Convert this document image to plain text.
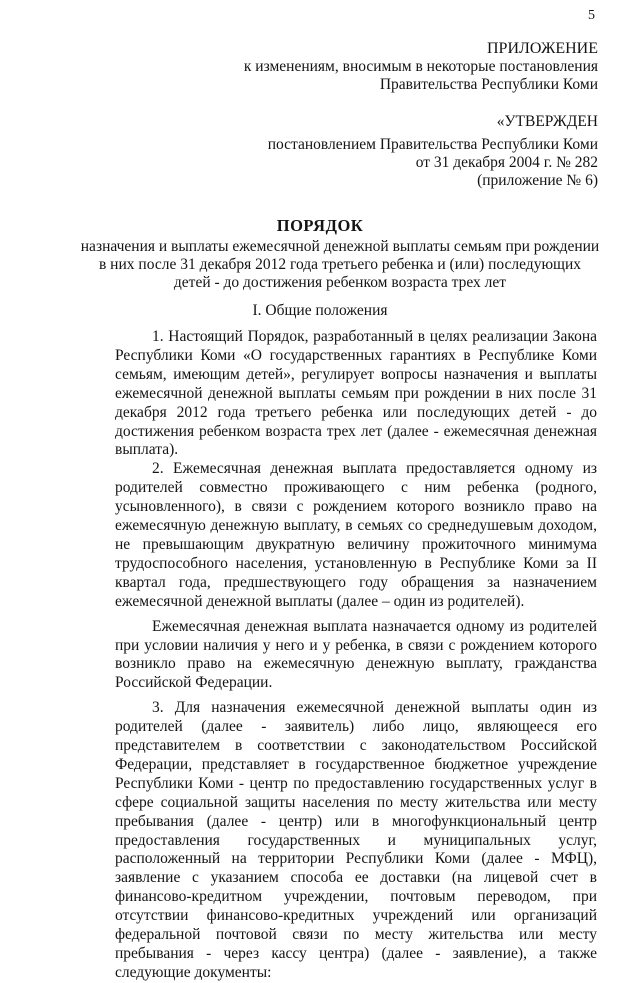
5
ПРИЛОЖЕНИЕ
к изменениям, вносимым в некоторые постановления
Правительства Республики Коми
«УТВЕРЖДЕН
постановлением Правительства Республики Коми
от 31 декабря 2004 г. № 282
(приложение № 6)
ПОРЯДОК
назначения и выплаты ежемесячной денежной выплаты семьям при рождении
в них после 31 декабря 2012 года третьего ребенка и (или) последующих
детей - до достижения ребенком возраста трех лет
I. Общие положения

1. Настоящий Порядок, разработанный в целях реализации Закона Республики Коми «О государственных гарантиях в Республике Коми семьям, имеющим детей», регулирует вопросы назначения и выплаты ежемесячной денежной выплаты семьям при рождении в них после 31 декабря 2012 года третьего ребенка или последующих детей - до достижения ребенком возраста трех лет (далее - ежемесячная денежная выплата).

2. Ежемесячная денежная выплата предоставляется одному из родителей совместно проживающего с ним ребенка (родного, усыновленного), в связи с рождением которого возникло право на ежемесячную денежную выплату, в семьях со среднедушевым доходом, не превышающим двукратную величину прожиточного минимума трудоспособного населения, установленную в Республике Коми за II квартал года, предшествующего году обращения за назначением ежемесячной денежной выплаты (далее – один из родителей).

Ежемесячная денежная выплата назначается одному из родителей при условии наличия у него и у ребенка, в связи с рождением которого возникло право на ежемесячную денежную выплату, гражданства Российской Федерации.

3. Для назначения ежемесячной денежной выплаты один из родителей (далее - заявитель) либо лицо, являющееся его представителем в соответствии с законодательством Российской Федерации, представляет в государственное бюджетное учреждение Республики Коми - центр по предоставлению государственных услуг в сфере социальной защиты населения по месту жительства или месту пребывания (далее - центр) или в многофункциональный центр предоставления государственных и муниципальных услуг, расположенный на территории Республики Коми (далее - МФЦ), заявление с указанием способа ее доставки (на лицевой счет в финансово-кредитном учреждении, почтовым переводом, при отсутствии финансово-кредитных учреждений или организаций федеральной почтовой связи по месту жительства или месту пребывания - через кассу центра) (далее - заявление), а также следующие документы:
